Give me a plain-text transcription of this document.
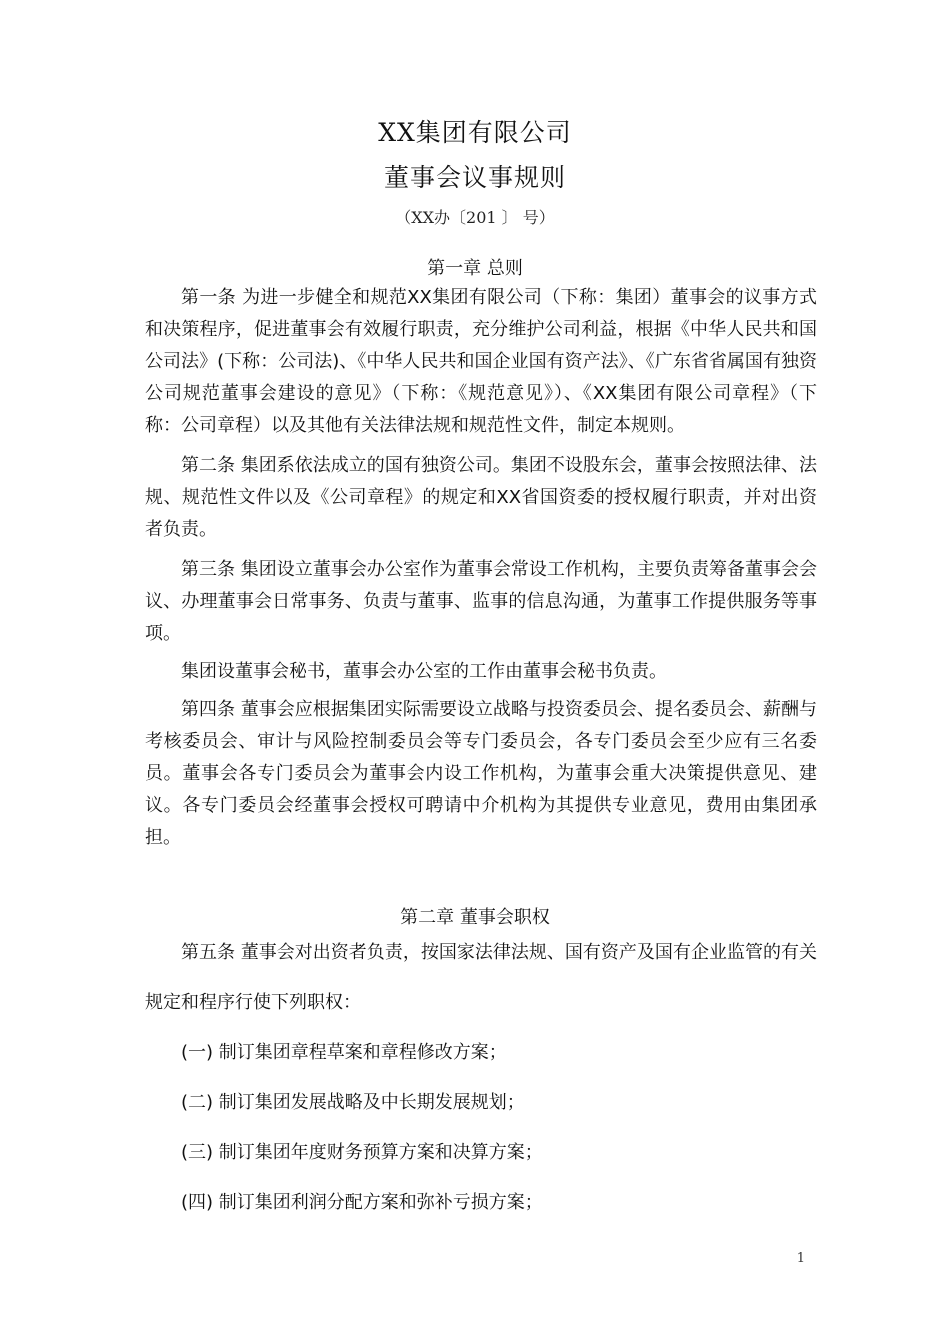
XX集团有限公司
董事会议事规则
（XX办〔201 〕 号）
第一章 总则

第一条 为进一步健全和规范XX集团有限公司（下称：集团）董事会的议事方式和决策程序，促进董事会有效履行职责，充分维护公司利益，根据《中华人民共和国公司法》(下称：公司法)、《中华人民共和国企业国有资产法》、《广东省省属国有独资公司规范董事会建设的意见》（下称：《规范意见》）、《XX集团有限公司章程》（下称：公司章程）以及其他有关法律法规和规范性文件，制定本规则。

第二条 集团系依法成立的国有独资公司。集团不设股东会，董事会按照法律、法规、规范性文件以及《公司章程》的规定和XX省国资委的授权履行职责，并对出资者负责。

第三条 集团设立董事会办公室作为董事会常设工作机构，主要负责筹备董事会会议、办理董事会日常事务、负责与董事、监事的信息沟通，为董事工作提供服务等事项。

集团设董事会秘书，董事会办公室的工作由董事会秘书负责。

第四条 董事会应根据集团实际需要设立战略与投资委员会、提名委员会、薪酬与考核委员会、审计与风险控制委员会等专门委员会，各专门委员会至少应有三名委员。董事会各专门委员会为董事会内设工作机构，为董事会重大决策提供意见、建议。各专门委员会经董事会授权可聘请中介机构为其提供专业意见，费用由集团承担。

第二章 董事会职权

第五条 董事会对出资者负责，按国家法律法规、国有资产及国有企业监管的有关规定和程序行使下列职权：

(一) 制订集团章程草案和章程修改方案；

(二) 制订集团发展战略及中长期发展规划；

(三) 制订集团年度财务预算方案和决算方案；

(四) 制订集团利润分配方案和弥补亏损方案；

1
